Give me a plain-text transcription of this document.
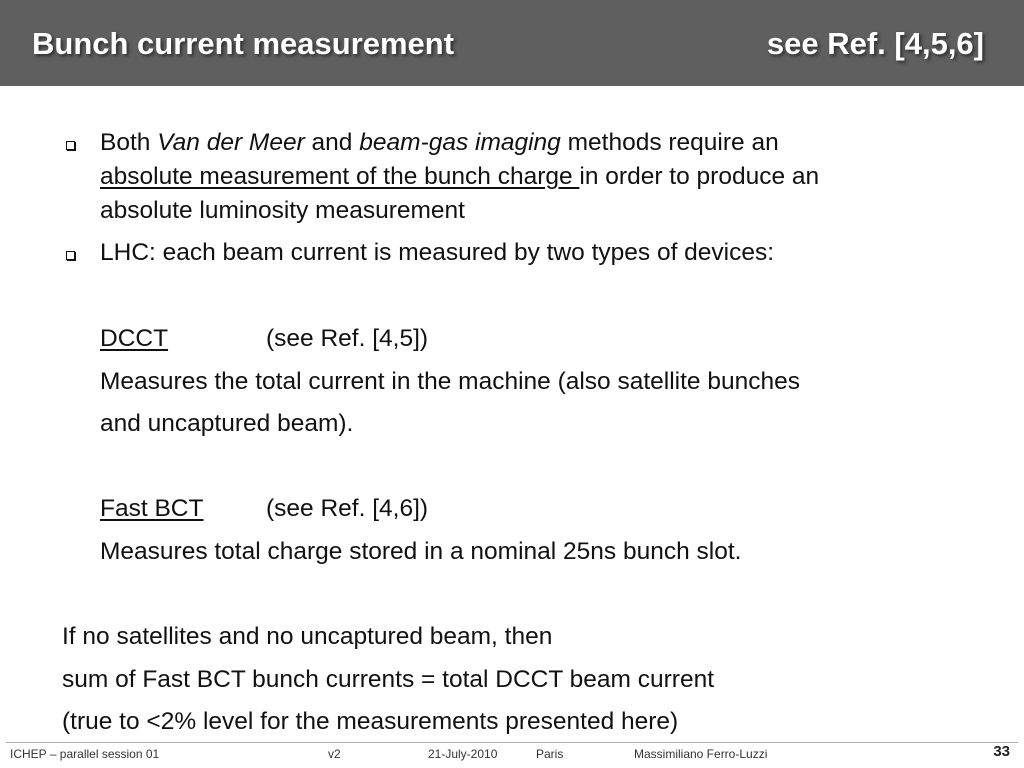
Bunch current measurement	see Ref. [4,5,6]
Both Van der Meer and beam-gas imaging methods require an
absolute measurement of the bunch charge in order to produce an
absolute luminosity measurement
LHC: each beam current is measured by two types of devices:
DCCT	(see Ref. [4,5])
Measures the total current in the machine (also satellite bunches
and uncaptured beam).
Fast BCT	(see Ref. [4,6])
Measures total charge stored in a nominal 25ns bunch slot.
If no satellites and no uncaptured beam, then
sum of Fast BCT bunch currents = total DCCT beam current
(true to <2% level for the measurements presented here)
ICHEP – parallel session 01	v2	21-July-2010	Paris	Massimiliano Ferro-Luzzi	33
